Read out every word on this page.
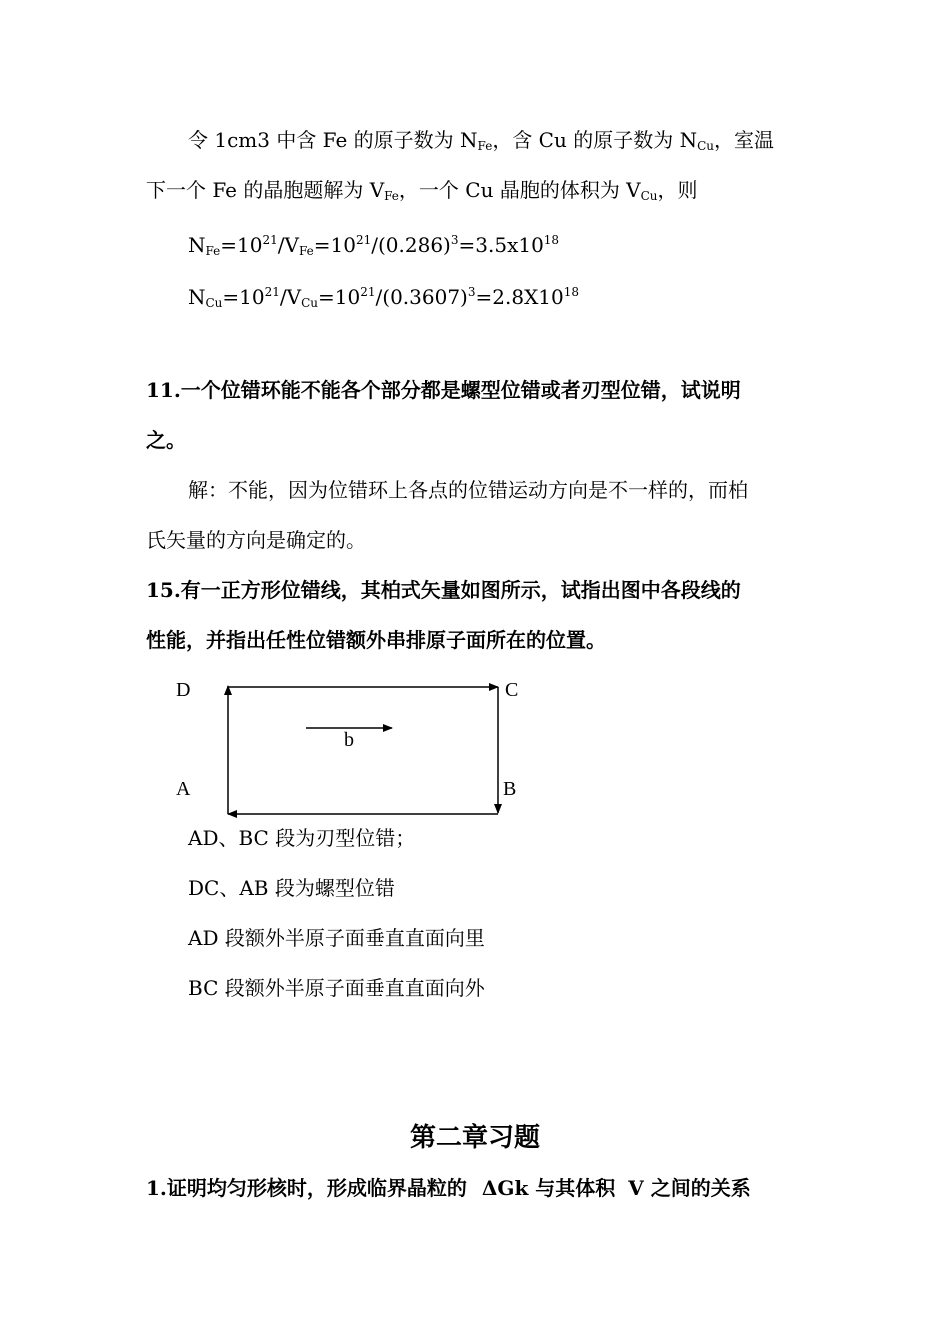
令 1cm3 中含 Fe 的原子数为 $N_{Fe}$，含 Cu 的原子数为 $N_{Cu}$，室温
下一个 Fe 的晶胞题解为 $V_{Fe}$，一个 Cu 晶胞的体积为 $V_{Cu}$，则
$N_{Fe}=10^{21}/V_{Fe}=10^{21}/(0.286)^3=3.5x10^{18}$
$N_{Cu}=10^{21}/V_{Cu}=10^{21}/(0.3607)^3=2.8X10^{18}$
11.一个位错环能不能各个部分都是螺型位错或者刃型位错，试说明
之。
解：不能，因为位错环上各点的位错运动方向是不一样的，而柏
氏矢量的方向是确定的。
15.有一正方形位错线，其柏式矢量如图所示，试指出图中各段线的
性能，并指出任性位错额外串排原子面所在的位置。
b
D	C
A	B
AD、BC 段为刃型位错；
DC、AB 段为螺型位错
AD 段额外半原子面垂直直面向里
BC 段额外半原子面垂直直面向外
第二章习题
1.证明均匀形核时，形成临界晶粒的 ΔGk 与其体积 V 之间的关系
